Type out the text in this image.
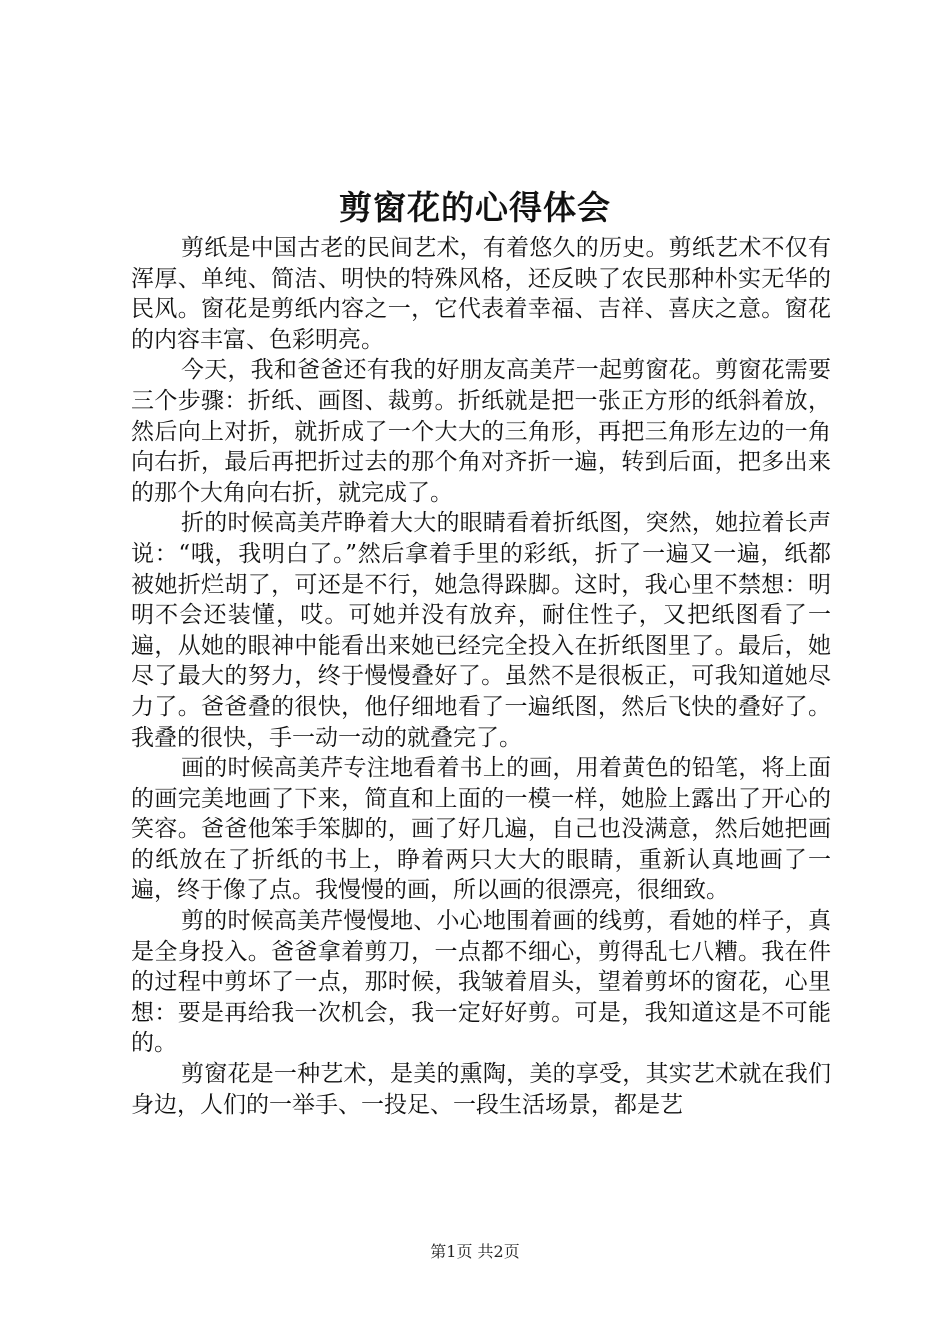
剪窗花的心得体会

剪纸是中国古老的民间艺术，有着悠久的历史。剪纸艺术不仅有浑厚、单纯、简洁、明快的特殊风格，还反映了农民那种朴实无华的民风。窗花是剪纸内容之一，它代表着幸福、吉祥、喜庆之意。窗花的内容丰富、色彩明亮。

今天，我和爸爸还有我的好朋友高美芹一起剪窗花。剪窗花需要三个步骤：折纸、画图、裁剪。折纸就是把一张正方形的纸斜着放，然后向上对折，就折成了一个大大的三角形，再把三角形左边的一角向右折，最后再把折过去的那个角对齐折一遍，转到后面，把多出来的那个大角向右折，就完成了。

折的时候高美芹睁着大大的眼睛看着折纸图，突然，她拉着长声说：“哦，我明白了。”然后拿着手里的彩纸，折了一遍又一遍，纸都被她折烂胡了，可还是不行，她急得跺脚。这时，我心里不禁想：明明不会还装懂，哎。可她并没有放弃，耐住性子，又把纸图看了一遍，从她的眼神中能看出来她已经完全投入在折纸图里了。最后，她尽了最大的努力，终于慢慢叠好了。虽然不是很板正，可我知道她尽力了。爸爸叠的很快，他仔细地看了一遍纸图，然后飞快的叠好了。我叠的很快，手一动一动的就叠完了。

画的时候高美芹专注地看着书上的画，用着黄色的铅笔，将上面的画完美地画了下来，简直和上面的一模一样，她脸上露出了开心的笑容。爸爸他笨手笨脚的，画了好几遍，自己也没满意，然后她把画的纸放在了折纸的书上，睁着两只大大的眼睛，重新认真地画了一遍，终于像了点。我慢慢的画，所以画的很漂亮，很细致。

剪的时候高美芹慢慢地、小心地围着画的线剪，看她的样子，真是全身投入。爸爸拿着剪刀，一点都不细心，剪得乱七八糟。我在件的过程中剪坏了一点，那时候，我皱着眉头，望着剪坏的窗花，心里想：要是再给我一次机会，我一定好好剪。可是，我知道这是不可能的。

剪窗花是一种艺术，是美的熏陶，美的享受，其实艺术就在我们身边，人们的一举手、一投足、一段生活场景，都是艺

第1页 共2页
